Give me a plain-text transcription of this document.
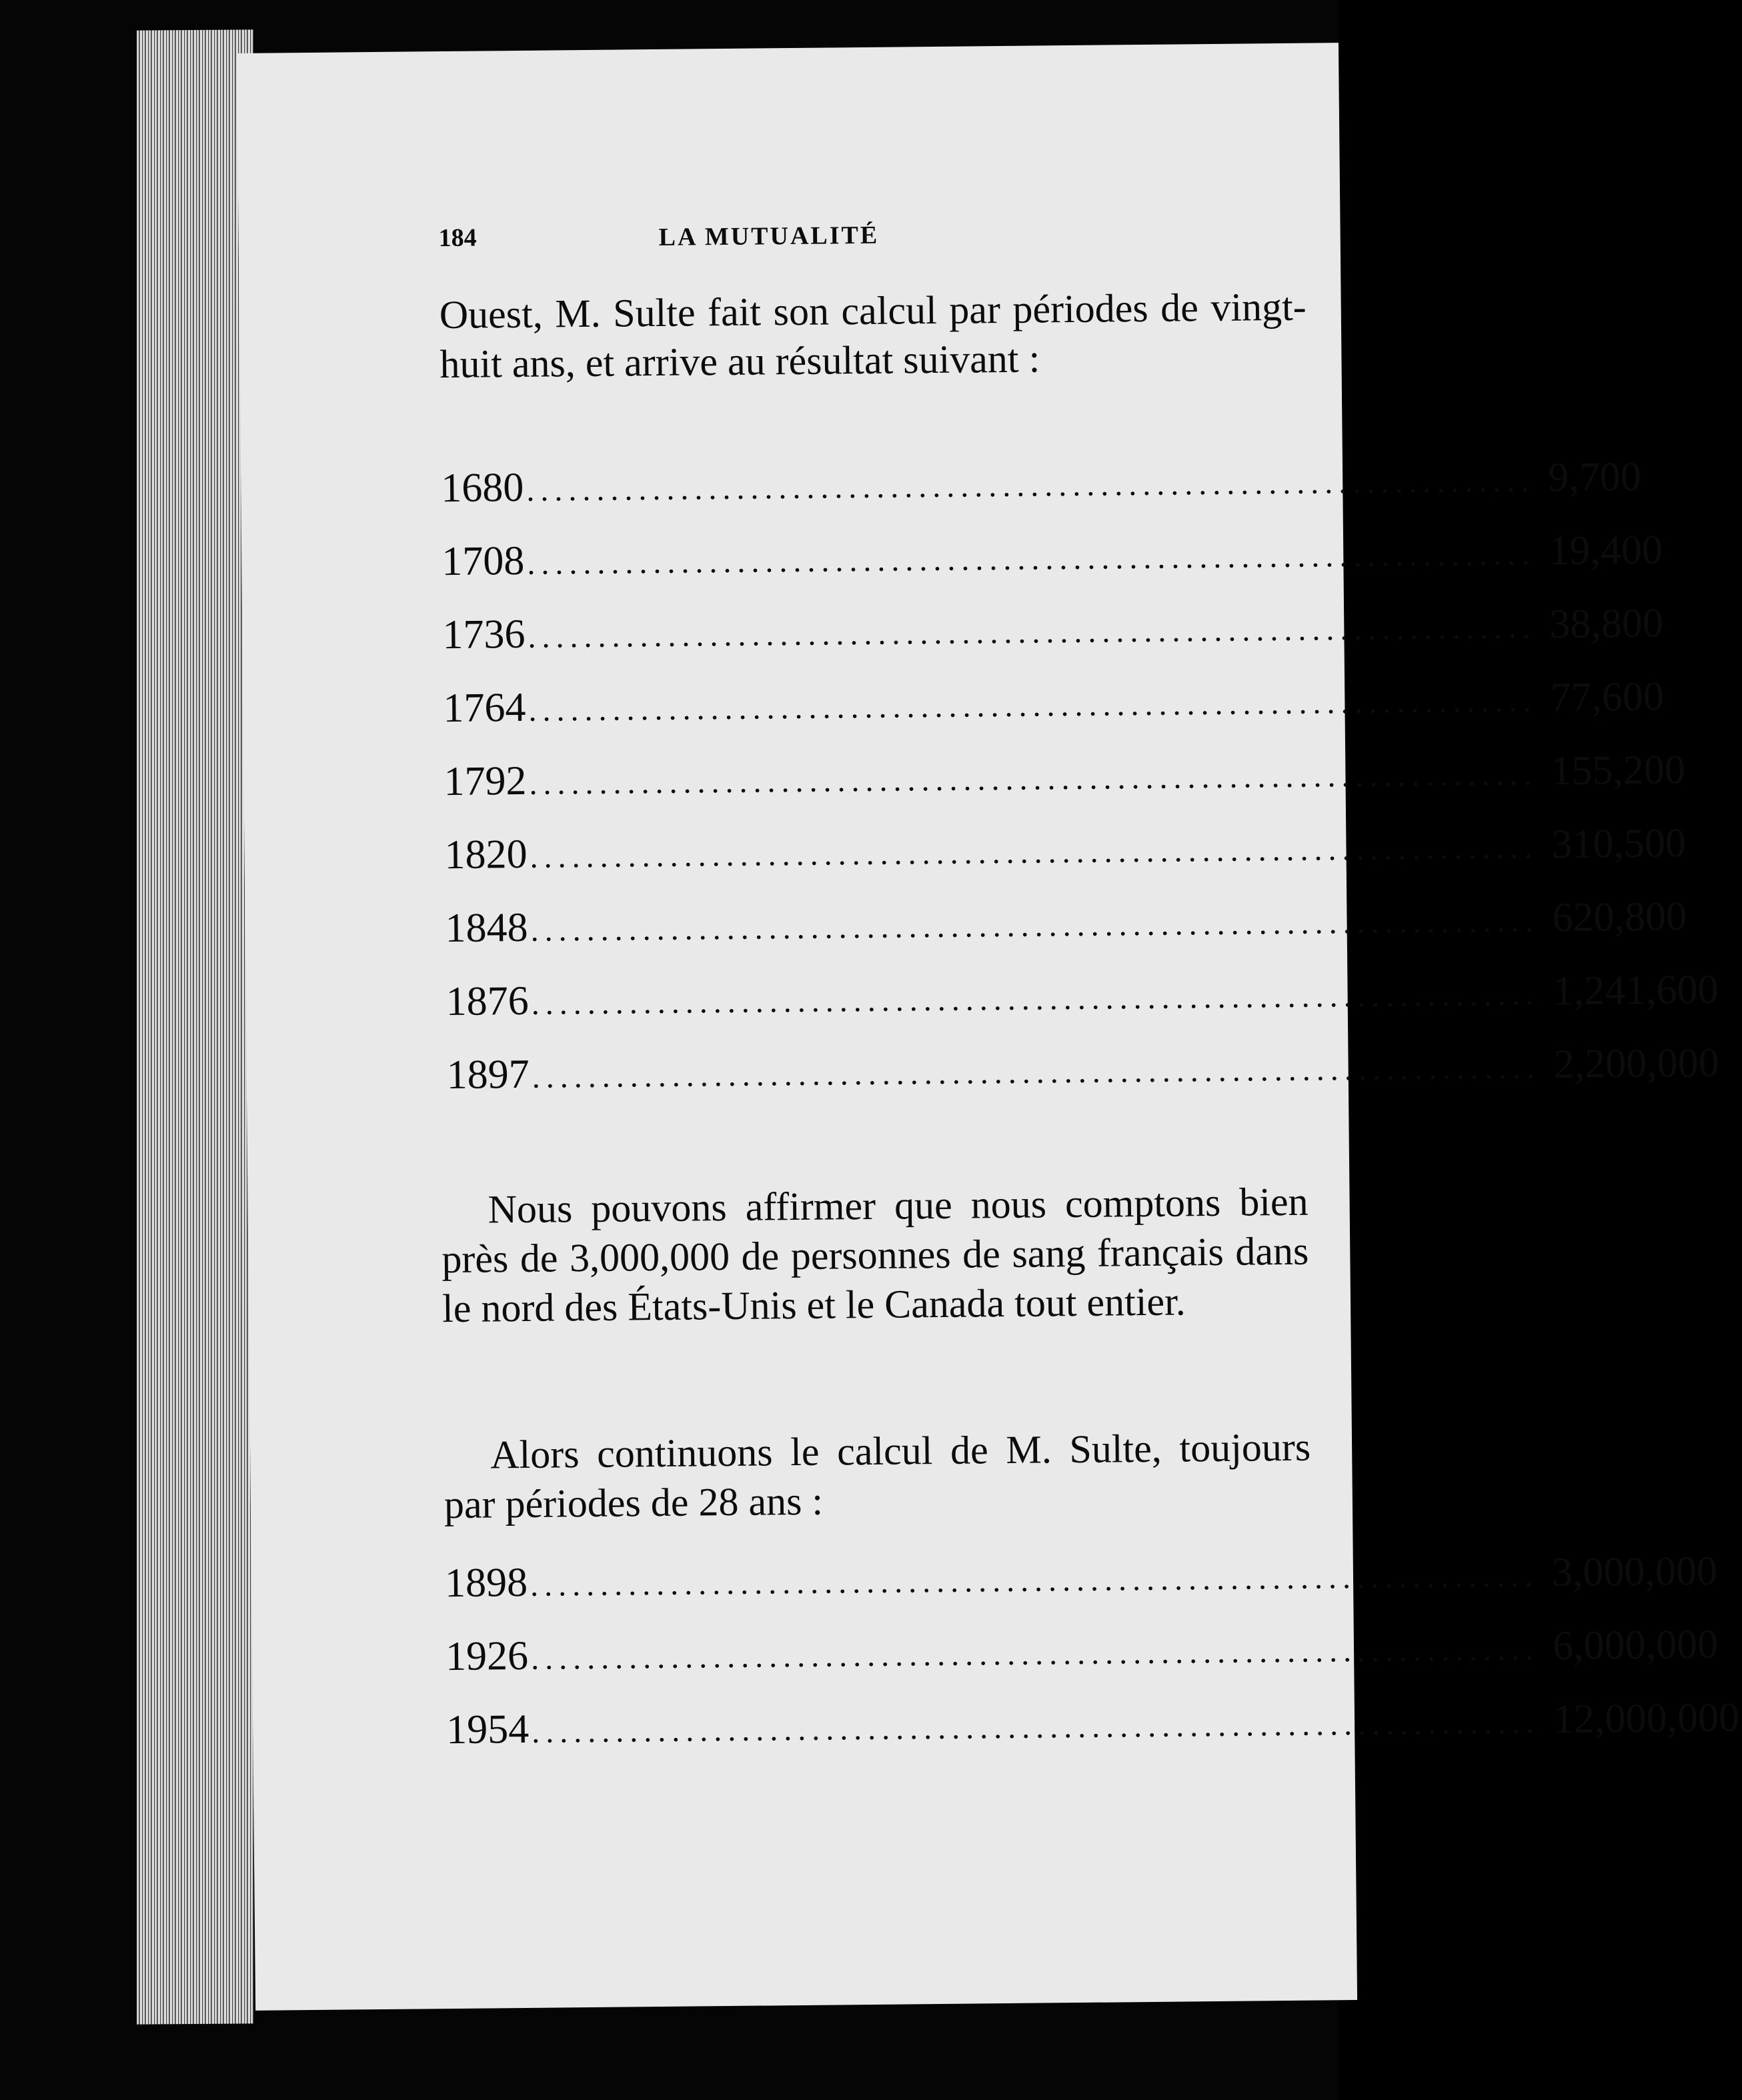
184	LA MUTUALITÉ

Ouest, M. Sulte fait son calcul par périodes de vingt-huit ans, et arrive au résultat suivant :

1680 ........................................................................ 9,700
1708 ........................................................................ 19,400
1736 ........................................................................ 38,800
1764 ........................................................................ 77,600
1792 ........................................................................ 155,200
1820 ........................................................................ 310,500
1848 ........................................................................ 620,800
1876 ........................................................................ 1,241,600
1897 ........................................................................ 2,200,000

Nous pouvons affirmer que nous comptons bien près de 3,000,000 de personnes de sang français dans le nord des États-Unis et le Canada tout entier.

Alors continuons le calcul de M. Sulte, toujours par périodes de 28 ans :

1898 ........................................................................ 3,000,000
1926 ........................................................................ 6,000,000
1954 ........................................................................ 12,000,000
